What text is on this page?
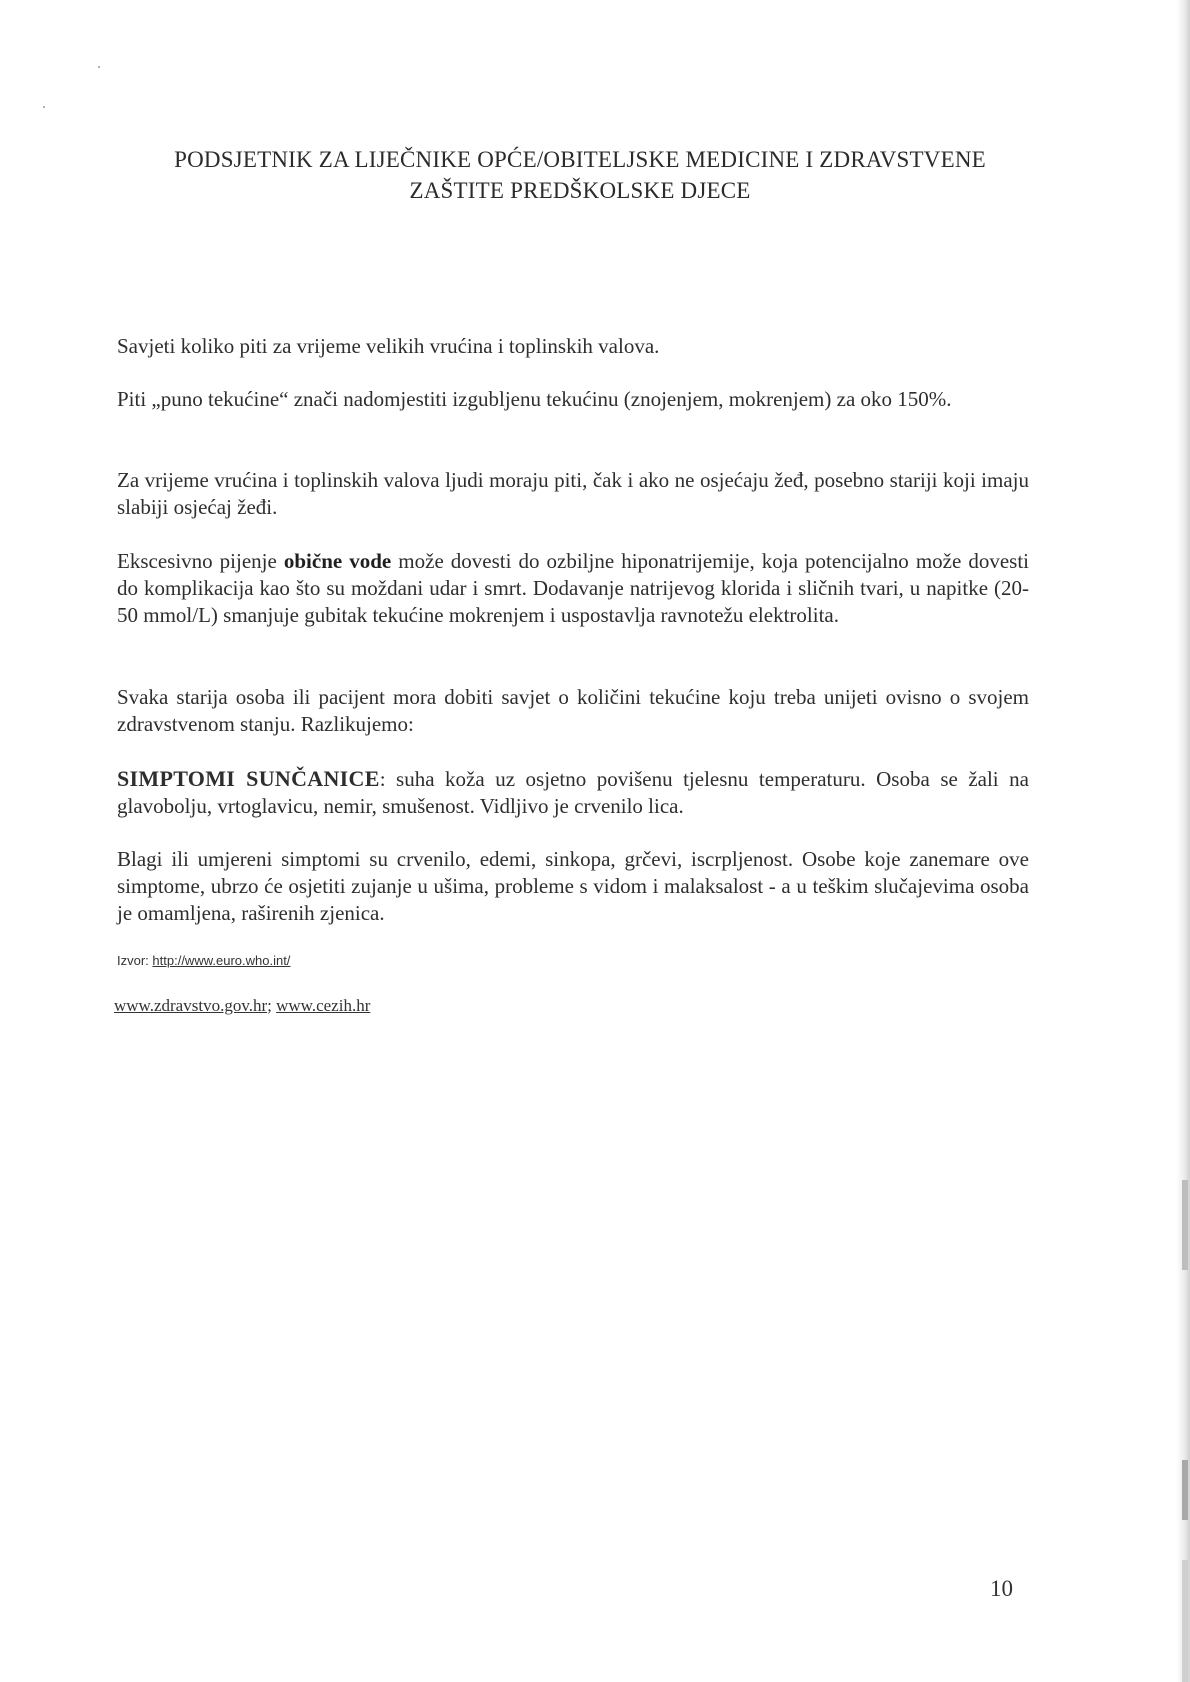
PODSJETNIK ZA LIJEČNIKE OPĆE/OBITELJSKE MEDICINE I ZDRAVSTVENE
ZAŠTITE PREDŠKOLSKE DJECE
Savjeti koliko piti za vrijeme velikih vrućina i toplinskih valova.
Piti „puno tekućine“ znači nadomjestiti izgubljenu tekućinu (znojenjem, mokrenjem) za oko 150%.
Za vrijeme vrućina i toplinskih valova ljudi moraju piti, čak i ako ne osjećaju žeđ, posebno stariji koji imaju slabiji osjećaj žeđi.
Ekscesivno pijenje obične vode može dovesti do ozbiljne hiponatrijemije, koja potencijalno može dovesti do komplikacija kao što su moždani udar i smrt. Dodavanje natrijevog klorida i sličnih tvari, u napitke (20-50 mmol/L) smanjuje gubitak tekućine mokrenjem i uspostavlja ravnotežu elektrolita.
Svaka starija osoba ili pacijent mora dobiti savjet o količini tekućine koju treba unijeti ovisno o svojem zdravstvenom stanju. Razlikujemo:
SIMPTOMI SUNČANICE: suha koža uz osjetno povišenu tjelesnu temperaturu. Osoba se žali na glavobolju, vrtoglavicu, nemir, smušenost. Vidljivo je crvenilo lica.
Blagi ili umjereni simptomi su crvenilo, edemi, sinkopa, grčevi, iscrpljenost. Osobe koje zanemare ove simptome, ubrzo će osjetiti zujanje u ušima, probleme s vidom i malaksalost - a u teškim slučajevima osoba je omamljena, raširenih zjenica.
Izvor: http://www.euro.who.int/
www.zdravstvo.gov.hr; www.cezih.hr
10
